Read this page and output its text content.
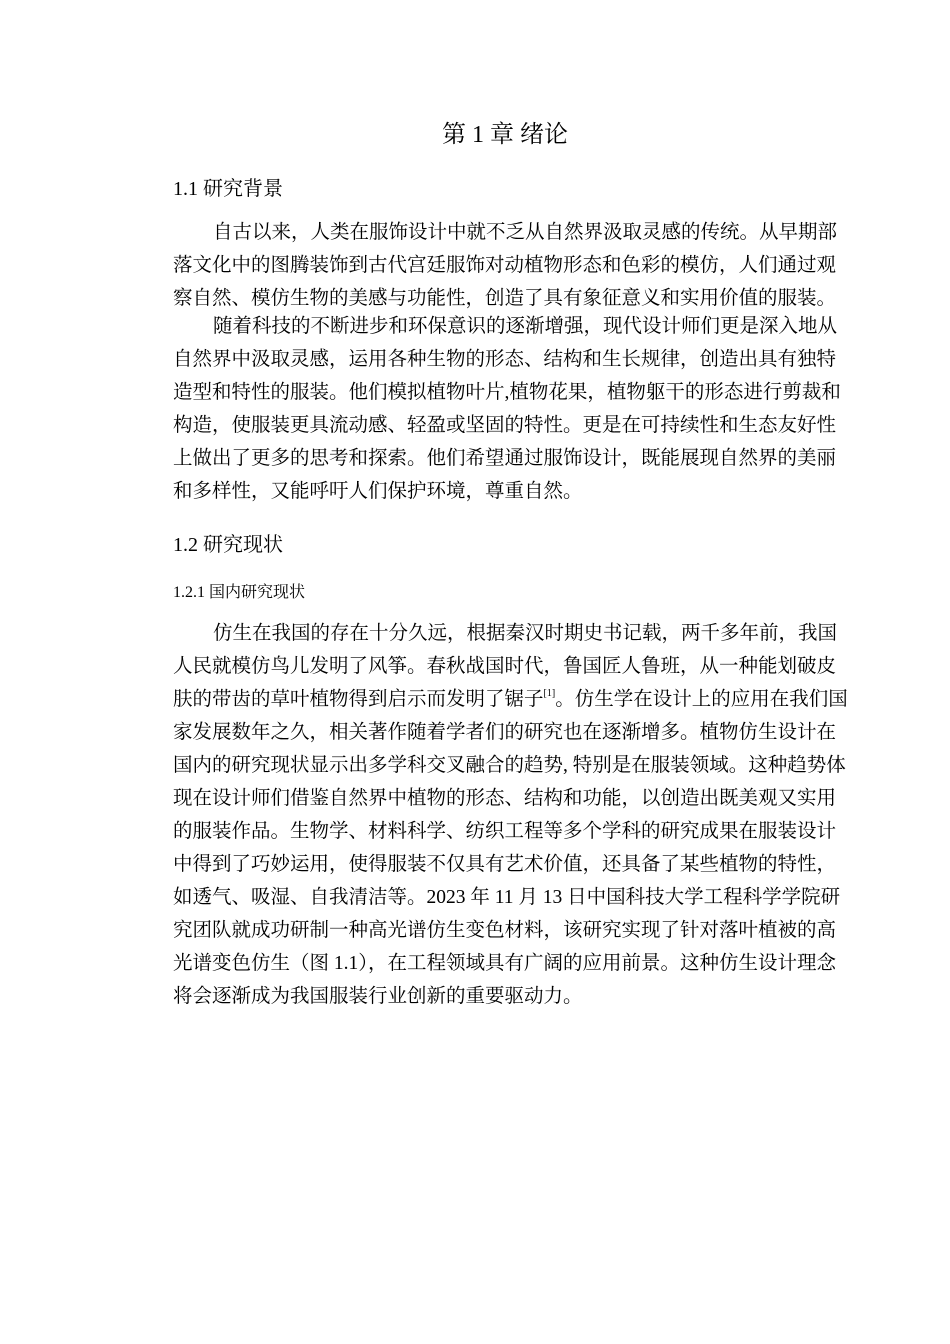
第 1 章 绪论
1.1 研究背景
自古以来，人类在服饰设计中就不乏从自然界汲取灵感的传统。从早期部
落文化中的图腾装饰到古代宫廷服饰对动植物形态和色彩的模仿，人们通过观
察自然、模仿生物的美感与功能性，创造了具有象征意义和实用价值的服装。
随着科技的不断进步和环保意识的逐渐增强，现代设计师们更是深入地从
自然界中汲取灵感，运用各种生物的形态、结构和生长规律，创造出具有独特
造型和特性的服装。他们模拟植物叶片,植物花果，植物躯干的形态进行剪裁和
构造，使服装更具流动感、轻盈或坚固的特性。更是在可持续性和生态友好性
上做出了更多的思考和探索。他们希望通过服饰设计，既能展现自然界的美丽
和多样性，又能呼吁人们保护环境，尊重自然。
1.2 研究现状
1.2.1 国内研究现状
仿生在我国的存在十分久远，根据秦汉时期史书记载，两千多年前，我国
人民就模仿鸟儿发明了风筝。春秋战国时代，鲁国匠人鲁班，从一种能划破皮
肤的带齿的草叶植物得到启示而发明了锯子[1]。仿生学在设计上的应用在我们国
家发展数年之久，相关著作随着学者们的研究也在逐渐增多。植物仿生设计在
国内的研究现状显示出多学科交叉融合的趋势, 特别是在服装领域。这种趋势体
现在设计师们借鉴自然界中植物的形态、结构和功能，以创造出既美观又实用
的服装作品。生物学、材料科学、纺织工程等多个学科的研究成果在服装设计
中得到了巧妙运用，使得服装不仅具有艺术价值，还具备了某些植物的特性，
如透气、吸湿、自我清洁等。2023 年 11 月 13 日中国科技大学工程科学学院研
究团队就成功研制一种高光谱仿生变色材料，该研究实现了针对落叶植被的高
光谱变色仿生（图 1.1），在工程领域具有广阔的应用前景。这种仿生设计理念
将会逐渐成为我国服装行业创新的重要驱动力。
